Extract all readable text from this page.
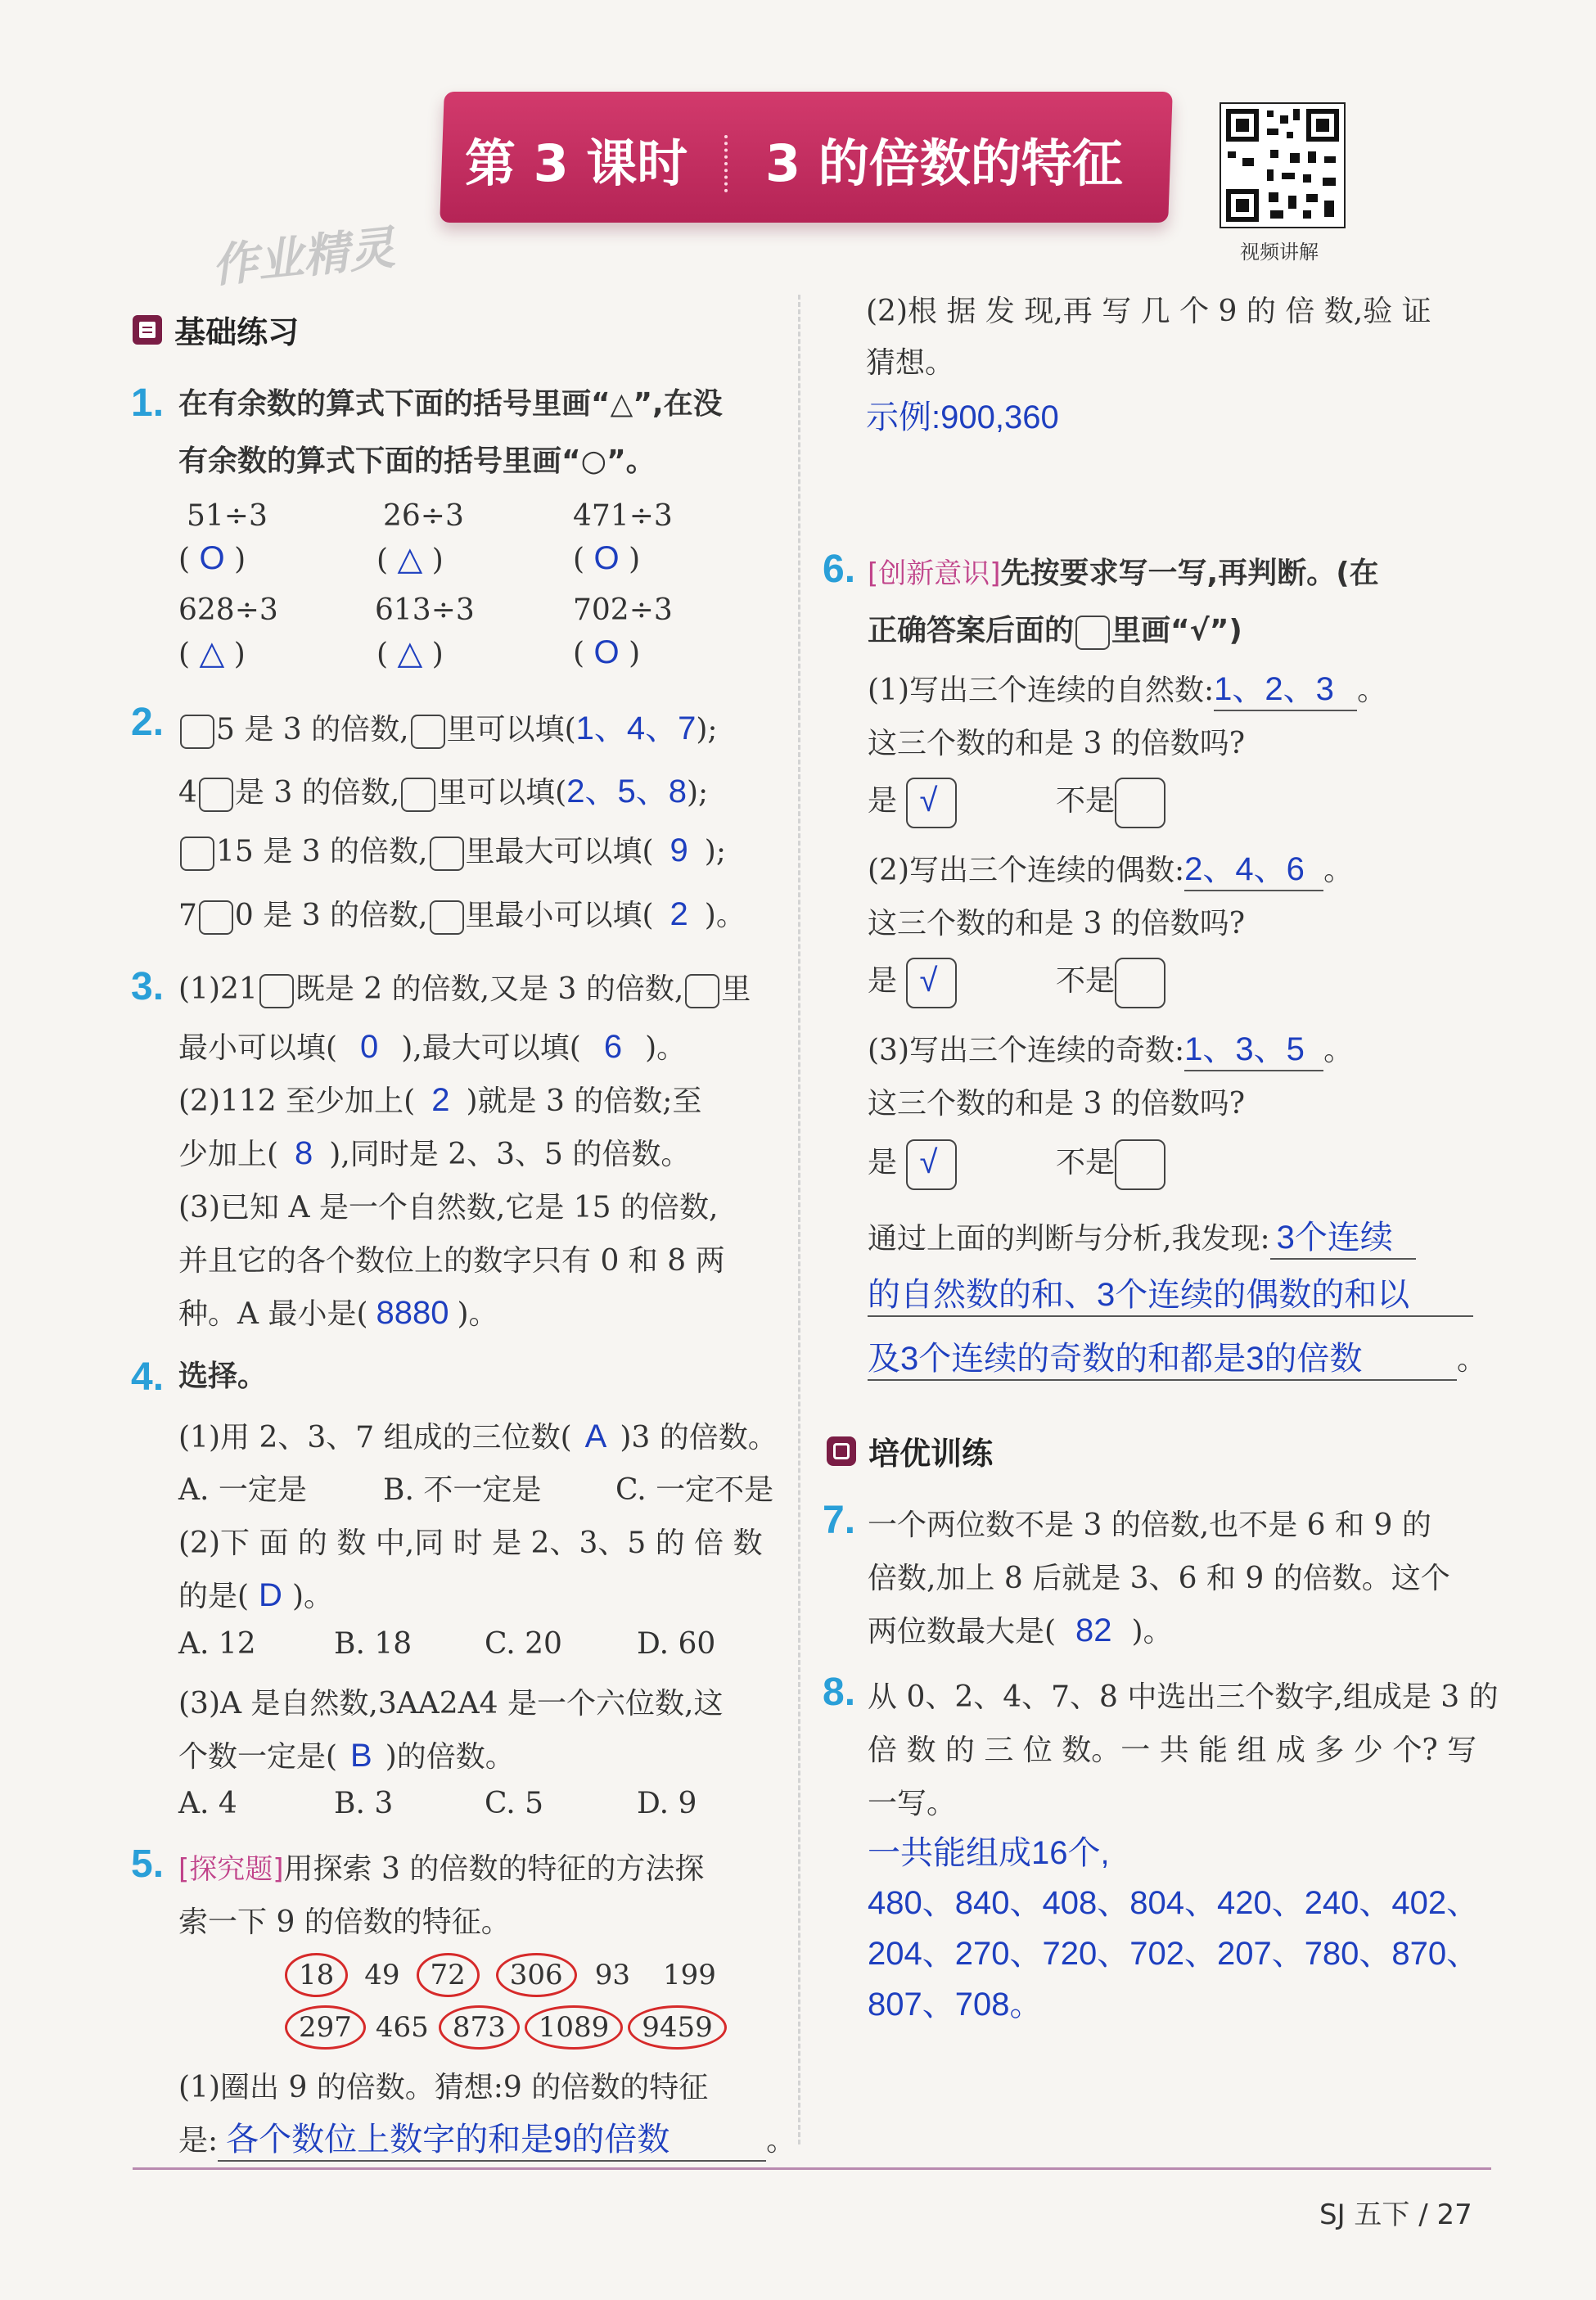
第 3 课时 3 的倍数的特征
视频讲解
作业精灵
基础练习
1. 在有余数的算式下面的括号里画“△”,在没
有余数的算式下面的括号里画“○”。
51÷3	26÷3	471÷3
( O )	( △ )	( O )
628÷3	613÷3	702÷3
( △ )	( △ )	( O )
2.	5 是 3 的倍数, 里可以填(1、4、7);
4 是 3 的倍数, 里可以填(2、5、8);
15 是 3 的倍数, 里最大可以填( 9 );
7 0 是 3 的倍数, 里最小可以填( 2 )。
3. (1)21 既是 2 的倍数,又是 3 的倍数, 里
最小可以填( 0 ),最大可以填( 6 )。
(2)112 至少加上( 2 )就是 3 的倍数;至
少加上( 8 ),同时是 2、3、5 的倍数。
(3)已知 A 是一个自然数,它是 15 的倍数,
并且它的各个数位上的数字只有 0 和 8 两
种。A 最小是( 8880 )。
4. 选择。
(1)用 2、3、7 组成的三位数( A )3 的倍数。
A. 一定是	B. 不一定是	C. 一定不是
(2)下 面 的 数 中,同 时 是 2、3、5 的 倍 数
的是( D )。
A. 12	B. 18 C. 20	D. 60
(3)A 是自然数,3AA2A4 是一个六位数,这
个数一定是( B )的倍数。
A. 4	B. 3	C. 5	D. 9
5. [探究题]用探索 3 的倍数的特征的方法探
索一下 9 的倍数的特征。
18 49 72 306 93 199
297 465 873 1089 9459
(1)圈出 9 的倍数。猜想:9 的倍数的特征
是: 各个数位上数字的和是9的倍数	。
(2)根 据 发 现,再 写 几 个 9 的 倍 数,验 证
猜想。
示例:900,360
6. [创新意识]先按要求写一写,再判断。(在
正确答案后面的 里画“√”)
(1)写出三个连续的自然数:1、2、3 。
这三个数的和是 3 的倍数吗?
是 √	不是
(2)写出三个连续的偶数:2、4、6 。
这三个数的和是 3 的倍数吗?
是 √	不是
(3)写出三个连续的奇数:1、3、5 。
这三个数的和是 3 的倍数吗?
是 √	不是
通过上面的判断与分析,我发现: 3个连续
的自然数的和、3个连续的偶数的和以
及3个连续的奇数的和都是3的倍数	。
培优训练
7. 一个两位数不是 3 的倍数,也不是 6 和 9 的
倍数,加上 8 后就是 3、6 和 9 的倍数。这个
两位数最大是( 82 )。
8. 从 0、2、4、7、8 中选出三个数字,组成是 3 的
倍 数 的 三 位 数。一 共 能 组 成 多 少 个? 写
一写。
一共能组成16个,
480、840、408、804、420、240、402、
204、270、720、702、207、780、870、
807、708。
SJ 五下 / 27
